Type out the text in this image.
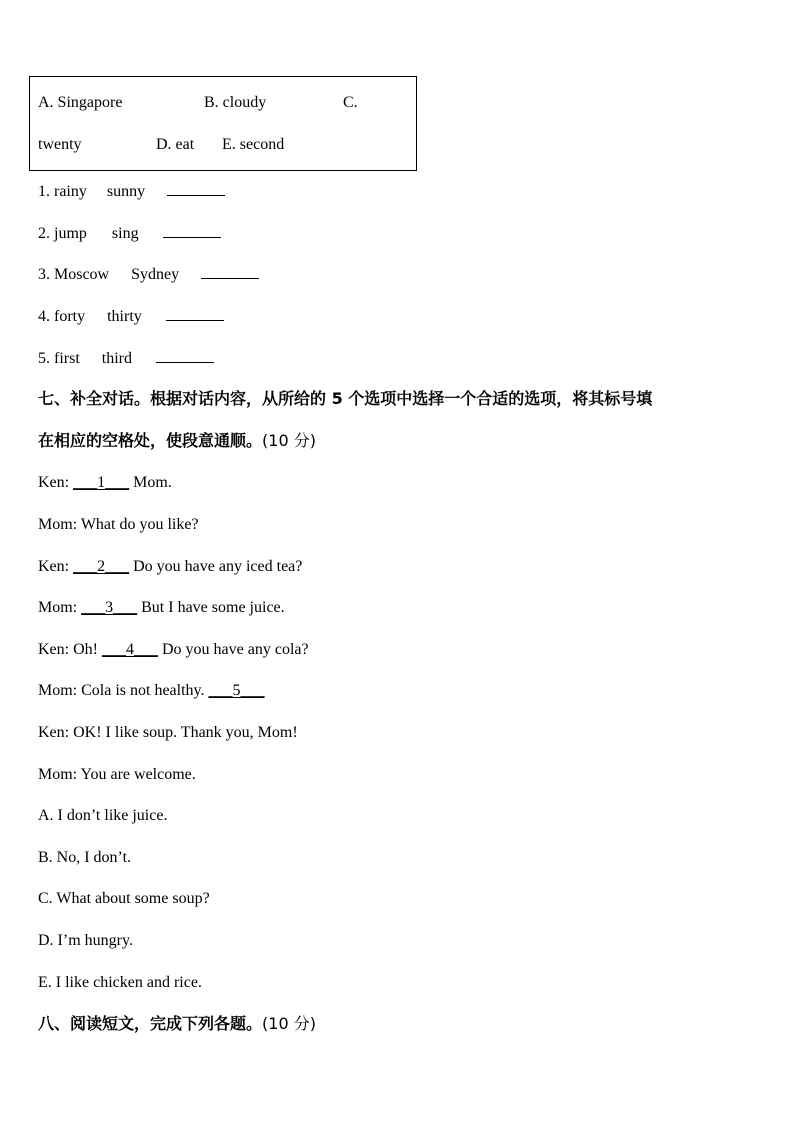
A. Singapore	B. cloudy	C.
twenty	D. eat E. second
1. rainy sunny
2. jump sing
3. Moscow Sydney
4. forty thirty
5. first third
七、补全对话。根据对话内容，从所给的 5 个选项中选择一个合适的选项，将其标号填
在相应的空格处，使段意通顺。(10 分)
Ken: ___1___ Mom.
Mom: What do you like?
Ken: ___2___ Do you have any iced tea?
Mom: ___3___ But I have some juice.
Ken: Oh! ___4___ Do you have any cola?
Mom: Cola is not healthy. ___5___
Ken: OK! I like soup. Thank you, Mom!
Mom: You are welcome.
A. I don’t like juice.
B. No, I don’t.
C. What about some soup?
D. I’m hungry.
E. I like chicken and rice.
八、阅读短文，完成下列各题。(10 分)
